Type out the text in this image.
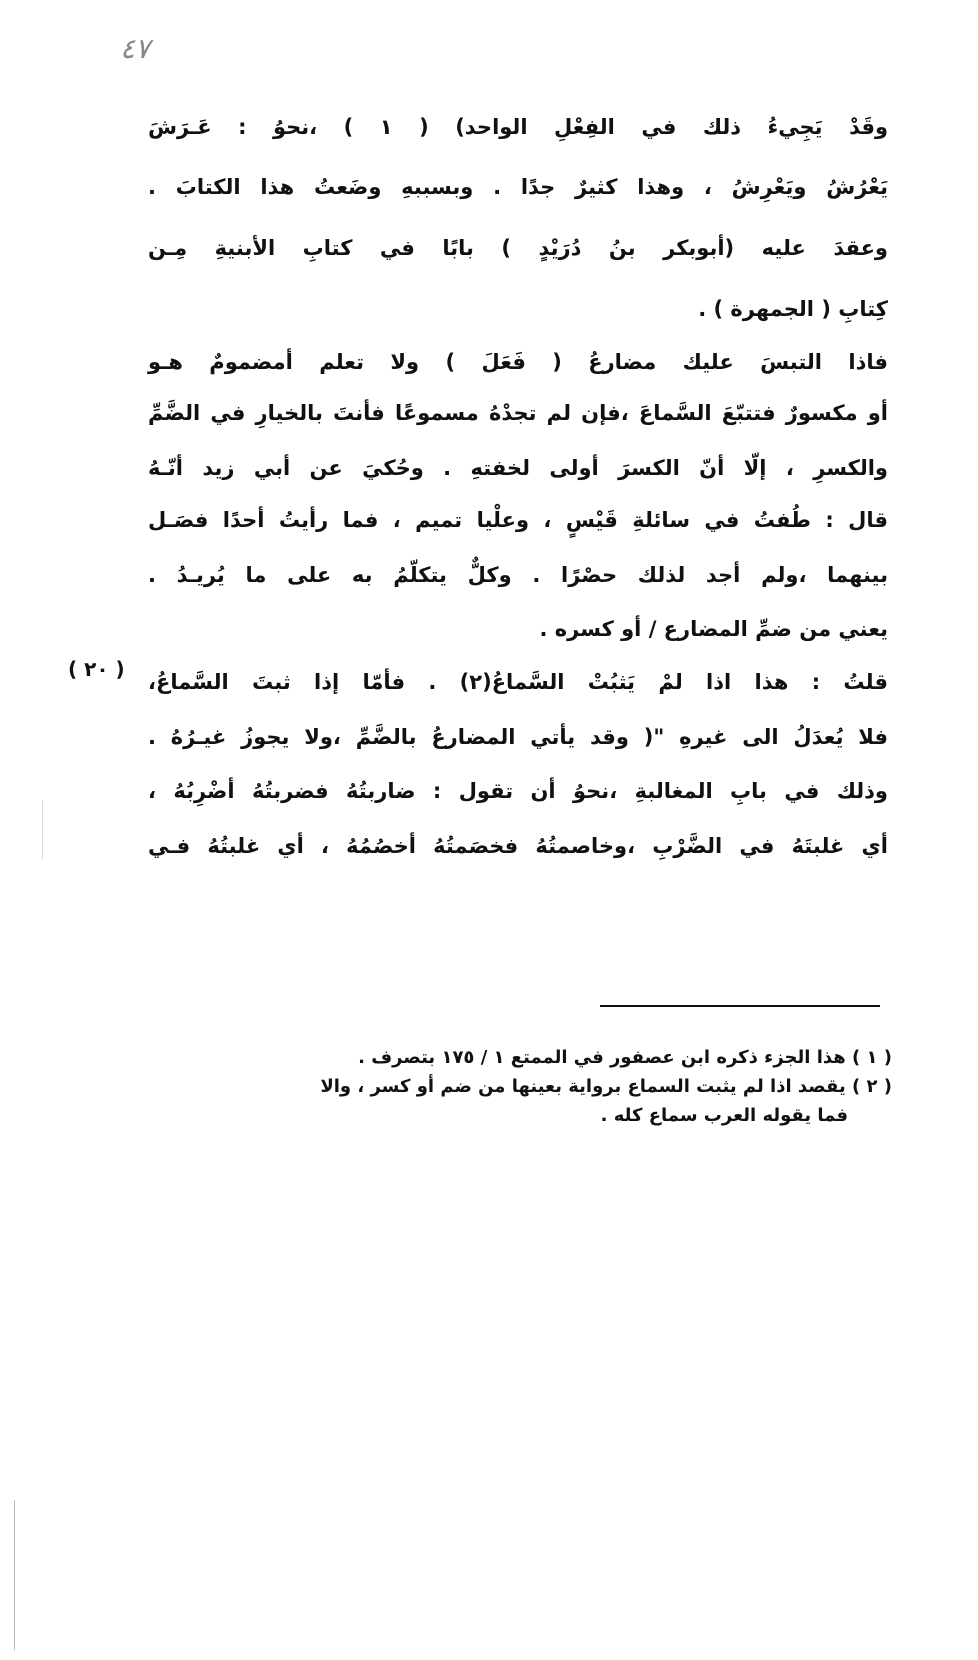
٤٧
وقَدْ يَجِيءُ ذلك في الفِعْلِ الواحد) ( ١ ) ،نحوُ : عَـرَشَ
يَعْرُشُ ويَعْرِشُ ، وهذا كثيرٌ جدًا . وبسببهِ وضَعتُ هذا الكتابَ .
وعقدَ عليه (أبوبكر بنُ دُرَيْدٍ ) بابًا في كتابِ الأبنيةِ مِـن
كِتابِ ( الجمهرة ) .
فاذا التبسَ عليك مضارعُ ( فَعَلَ ) ولا تعلم أمضمومٌ هـو
أو مكسورٌ فتتبّعَ السَّماعَ ،فإن لم تجدْهُ مسموعًا فأنتَ بالخيارِ في الضَّمِّ
والكسرِ ، إلّا أنّ الكسرَ أولى لخفتهِ . وحُكيَ عن أبي زيد أنّـهُ
قال : طُفتُ في سائلةِ قَيْسٍ ، وعلْيا تميم ، فما رأيتُ أحدًا فصَـل
بينهما ،ولم أجد لذلك حصْرًا . وكلٌّ يتكلّمُ به على ما يُريـدُ .
يعني من ضمِّ المضارع / أو كسره .
قلتُ : هذا اذا لمْ يَثبُتْ السَّماعُ(٢) . فأمّا إذا ثبتَ السَّماعُ،
فلا يُعدَلُ الى غيرهِ "( وقد يأتي المضارعُ بالضَّمِّ ،ولا يجوزُ غيـرُهُ .
وذلك في بابِ المغالبةِ ،نحوُ أن تقول : ضاربتُهُ فضربتُهُ أضْرِبُهُ ،
أي غلبتَهُ في الضَّرْبِ ،وخاصمتُهُ فخصَمتُهُ أخصُمُهُ ، أي غلبتُهُ فـي
( ٢٠ )
( ١ ) هذا الجزء ذكره ابن عصفور في الممتع ١ / ١٧٥ بتصرف .
( ٢ ) يقصد اذا لم يثبت السماع برواية بعينها من ضم أو كسر ، والا
فما يقوله العرب سماع كله .
